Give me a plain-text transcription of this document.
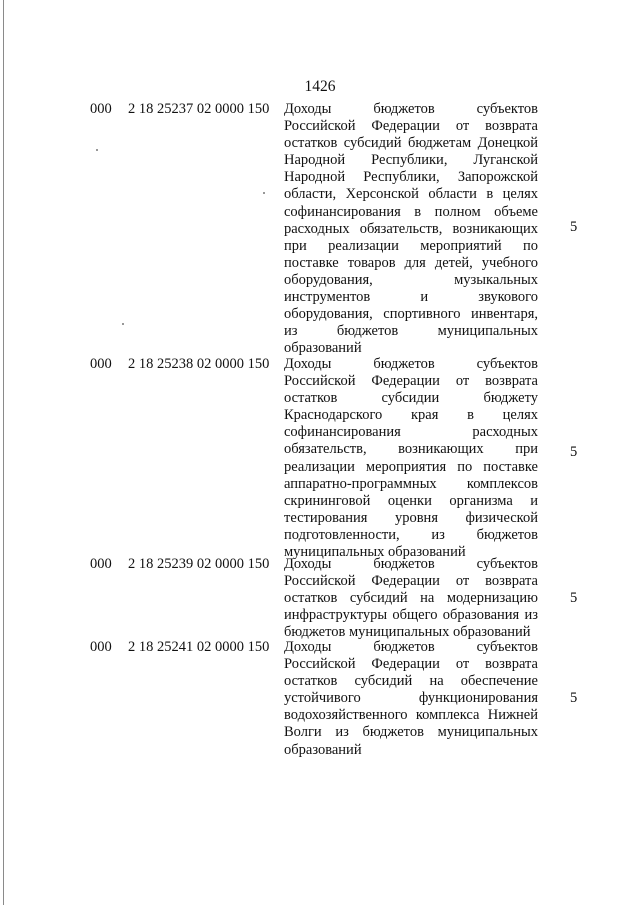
1426
000 2 18 25237 02 0000 150 Доходы бюджетов субъектов
Российской Федерации от возврата
остатков субсидий бюджетам Донецкой
Народной Республики, Луганской
Народной Республики, Запорожской
области, Херсонской области в целях
софинансирования в полном объеме
расходных обязательств, возникающих
при реализации мероприятий по
поставке товаров для детей, учебного
оборудования, музыкальных
инструментов и звукового
оборудования, спортивного инвентаря,
из бюджетов муниципальных
образований
5
000 2 18 25238 02 0000 150 Доходы бюджетов субъектов
Российской Федерации от возврата
остатков субсидии бюджету
Краснодарского края в целях
софинансирования расходных
обязательств, возникающих при
реализации мероприятия по поставке
аппаратно-программных комплексов
скрининговой оценки организма и
тестирования уровня физической
подготовленности, из бюджетов
муниципальных образований
5
000 2 18 25239 02 0000 150 Доходы бюджетов субъектов
Российской Федерации от возврата
остатков субсидий на модернизацию
инфраструктуры общего образования из
бюджетов муниципальных образований
5
000 2 18 25241 02 0000 150 Доходы бюджетов субъектов
Российской Федерации от возврата
остатков субсидий на обеспечение
устойчивого функционирования
водохозяйственного комплекса Нижней
Волги из бюджетов муниципальных
образований
5
